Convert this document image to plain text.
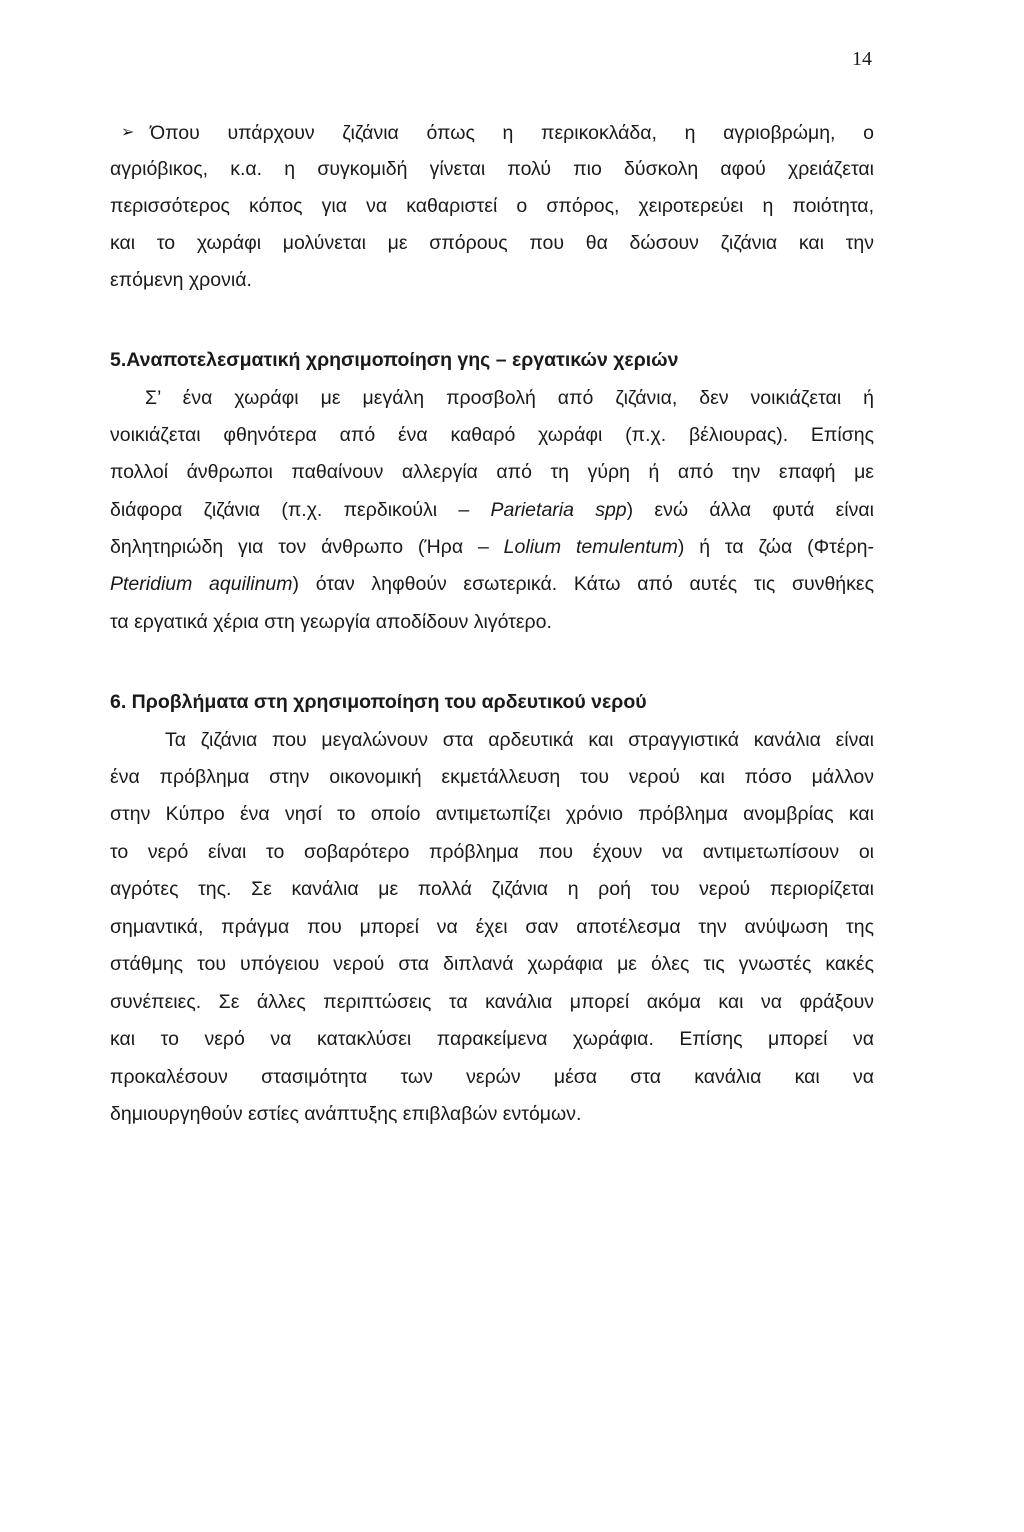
14
➢ Όπου υπάρχουν ζιζάνια όπως η περικοκλάδα, η αγριοβρώμη, ο
αγριόβικος, κ.α. η συγκομιδή γίνεται πολύ πιο δύσκολη αφού χρειάζεται
περισσότερος κόπος για να καθαριστεί ο σπόρος, χειροτερεύει η ποιότητα,
και το χωράφι μολύνεται με σπόρους που θα δώσουν ζιζάνια και την
επόμενη χρονιά.
5.Αναποτελεσματική χρησιμοποίηση γης – εργατικών χεριών
Σ’ ένα χωράφι με μεγάλη προσβολή από ζιζάνια, δεν νοικιάζεται ή
νοικιάζεται φθηνότερα από ένα καθαρό χωράφι (π.χ. βέλιουρας). Επίσης
πολλοί άνθρωποι παθαίνουν αλλεργία από τη γύρη ή από την επαφή με
διάφορα ζιζάνια (π.χ. περδικούλι – Parietaria spp) ενώ άλλα φυτά είναι
δηλητηριώδη για τον άνθρωπο (Ήρα – Lolium temulentum) ή τα ζώα (Φτέρη-
Pteridium aquilinum) όταν ληφθούν εσωτερικά. Κάτω από αυτές τις συνθήκες
τα εργατικά χέρια στη γεωργία αποδίδουν λιγότερο.
6. Προβλήματα στη χρησιμοποίηση του αρδευτικού νερού
Τα ζιζάνια που μεγαλώνουν στα αρδευτικά και στραγγιστικά κανάλια είναι
ένα πρόβλημα στην οικονομική εκμετάλλευση του νερού και πόσο μάλλον
στην Κύπρο ένα νησί το οποίο αντιμετωπίζει χρόνιο πρόβλημα ανομβρίας και
το νερό είναι το σοβαρότερο πρόβλημα που έχουν να αντιμετωπίσουν οι
αγρότες της. Σε κανάλια με πολλά ζιζάνια η ροή του νερού περιορίζεται
σημαντικά, πράγμα που μπορεί να έχει σαν αποτέλεσμα την ανύψωση της
στάθμης του υπόγειου νερού στα διπλανά χωράφια με όλες τις γνωστές κακές
συνέπειες. Σε άλλες περιπτώσεις τα κανάλια μπορεί ακόμα και να φράξουν
και το νερό να κατακλύσει παρακείμενα χωράφια. Επίσης μπορεί να
προκαλέσουν στασιμότητα των νερών μέσα στα κανάλια και να
δημιουργηθούν εστίες ανάπτυξης επιβλαβών εντόμων.
